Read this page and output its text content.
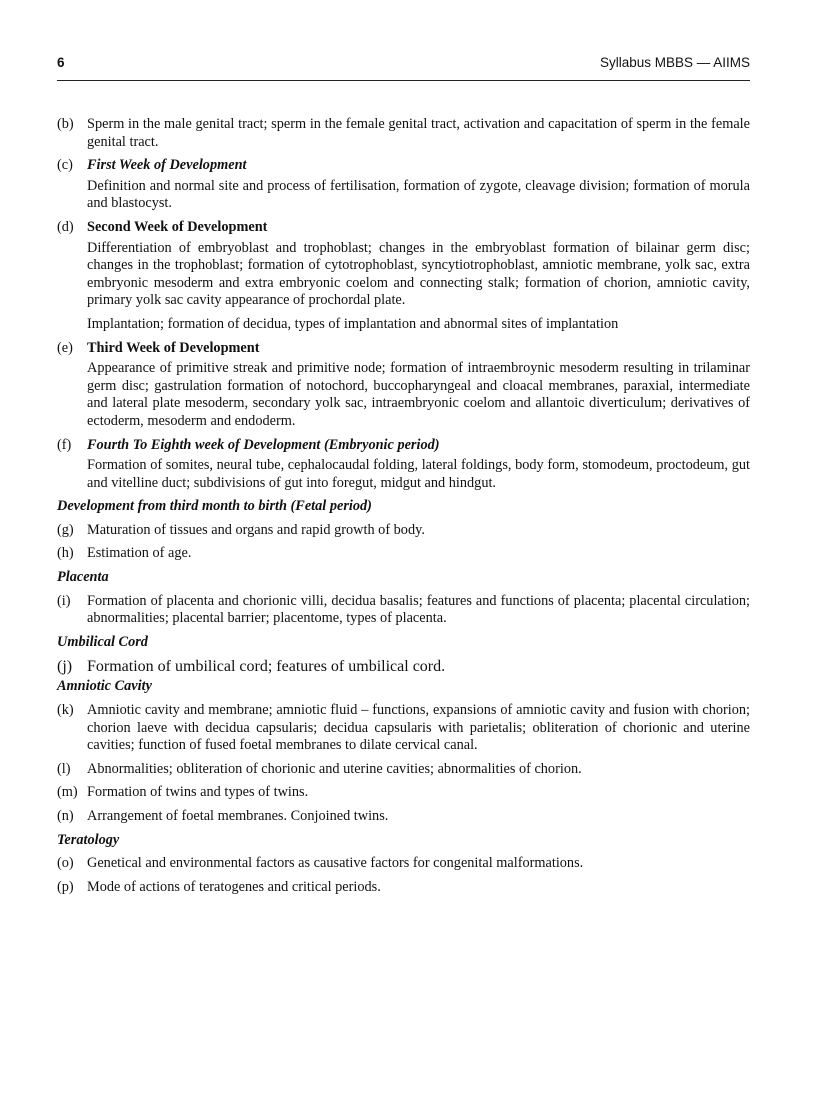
6	Syllabus MBBS — AIIMS
(b) Sperm in the male genital tract; sperm in the female genital tract, activation and capacitation of sperm in the female genital tract.
(c) First Week of Development
Definition and normal site and process of fertilisation, formation of zygote, cleavage division; formation of morula and blastocyst.
(d) Second Week of Development
Differentiation of embryoblast and trophoblast; changes in the embryoblast formation of bilainar germ disc; changes in the trophoblast; formation of cytotrophoblast, syncytiotrophoblast, amniotic membrane, yolk sac, extra embryonic mesoderm and extra embryonic coelom and connecting stalk; formation of chorion, amniotic cavity, primary yolk sac cavity appearance of prochordal plate.
Implantation; formation of decidua, types of implantation and abnormal sites of implantation
(e) Third Week of Development
Appearance of primitive streak and primitive node; formation of intraembroynic mesoderm resulting in trilaminar germ disc; gastrulation formation of notochord, buccopharyngeal and cloacal membranes, paraxial, intermediate and lateral plate mesoderm, secondary yolk sac, intraembryonic coelom and allantoic diverticulum; derivatives of ectoderm, mesoderm and endoderm.
(f) Fourth To Eighth week of Development (Embryonic period)
Formation of somites, neural tube, cephalocaudal folding, lateral foldings, body form, stomodeum, proctodeum, gut and vitelline duct; subdivisions of gut into foregut, midgut and hindgut.
Development from third month to birth (Fetal period)
(g) Maturation of tissues and organs and rapid growth of body.
(h) Estimation of age.
Placenta
(i) Formation of placenta and chorionic villi, decidua basalis; features and functions of placenta; placental circulation; abnormalities; placental barrier; placentome, types of placenta.
Umbilical Cord
(j) Formation of umbilical cord; features of umbilical cord.
Amniotic Cavity
(k) Amniotic cavity and membrane; amniotic fluid – functions, expansions of amniotic cavity and fusion with chorion; chorion laeve with decidua capsularis; decidua capsularis with parietalis; obliteration of chorionic and uterine cavities; function of fused foetal membranes to dilate cervical canal.
(l) Abnormalities; obliteration of chorionic and uterine cavities; abnormalities of chorion.
(m) Formation of twins and types of twins.
(n) Arrangement of foetal membranes. Conjoined twins.
Teratology
(o) Genetical and environmental factors as causative factors for congenital malformations.
(p) Mode of actions of teratogenes and critical periods.
